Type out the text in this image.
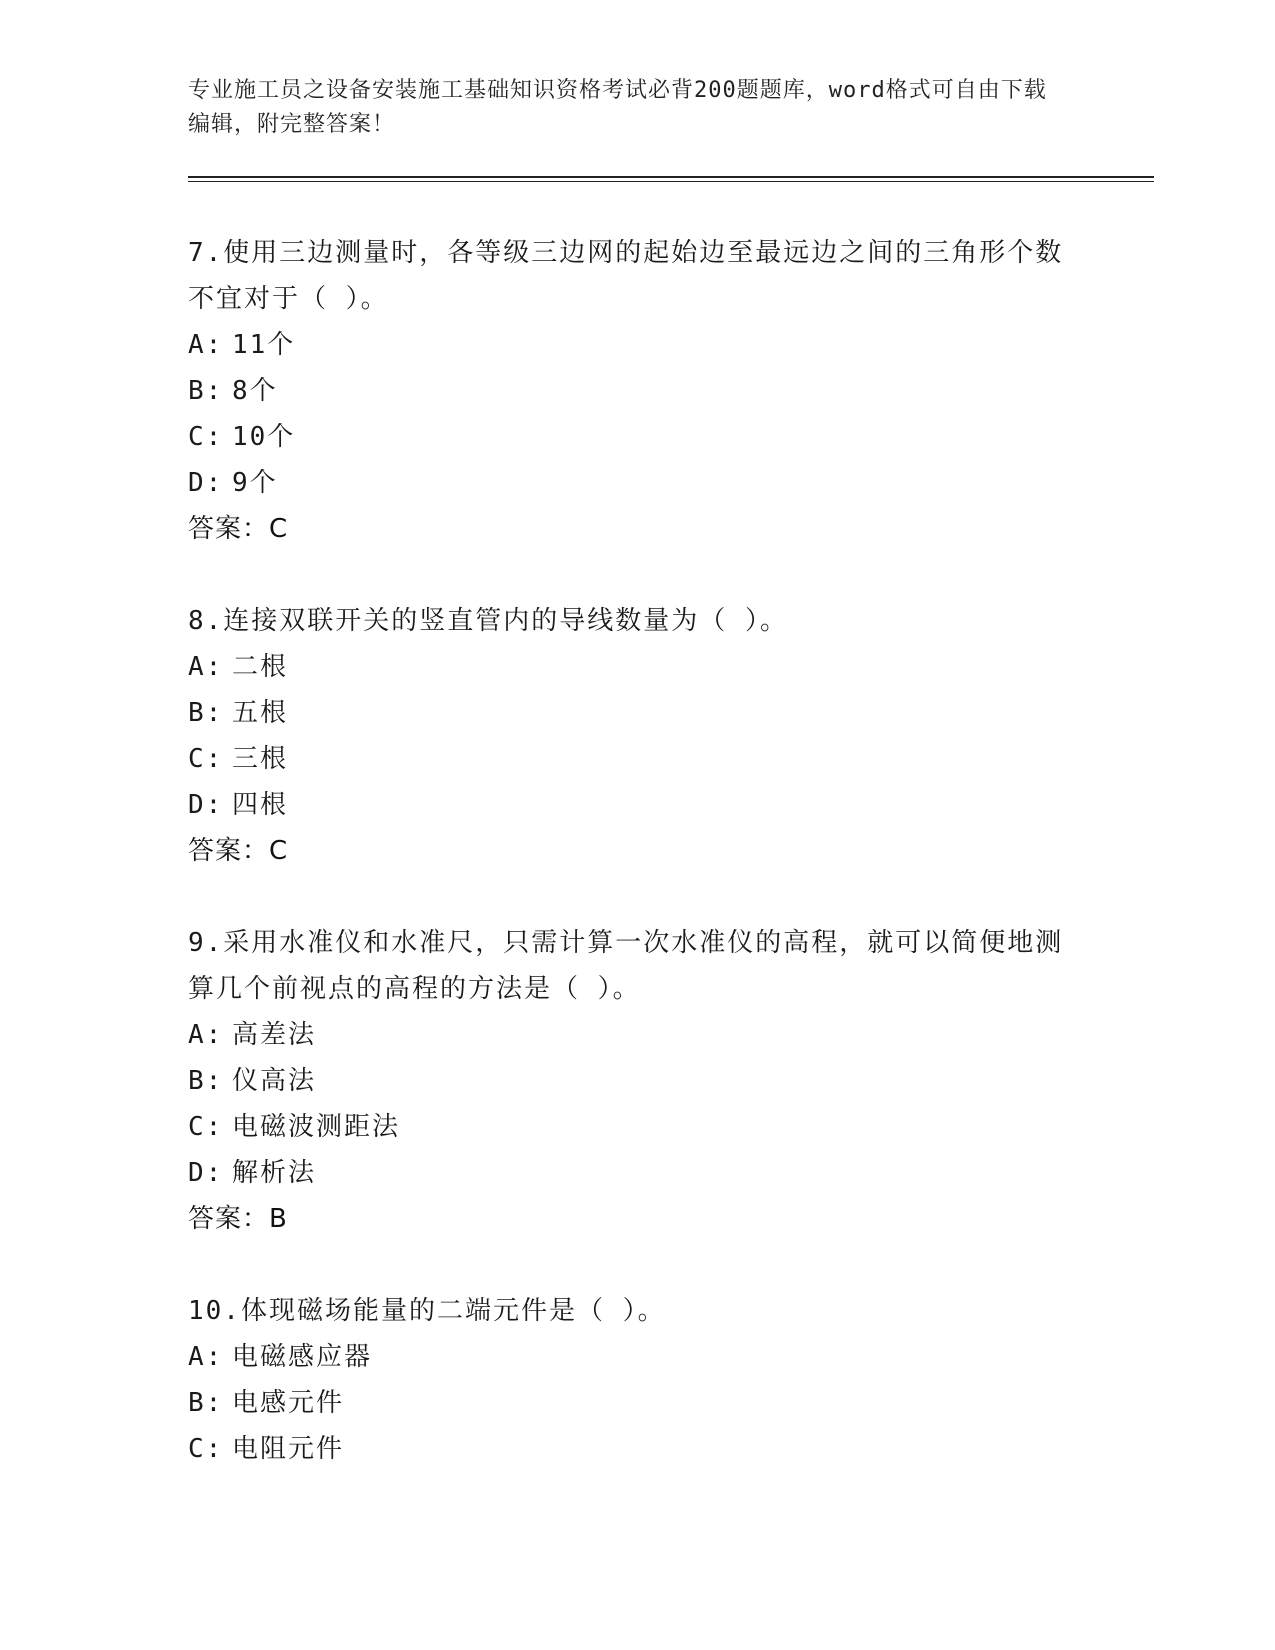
专业施工员之设备安装施工基础知识资格考试必背200题题库，word格式可自由下载编辑，附完整答案！

7.使用三边测量时，各等级三边网的起始边至最远边之间的三角形个数不宜对于（ ）。

A: 11个

B: 8个

C: 10个

D: 9个

答案：C

8.连接双联开关的竖直管内的导线数量为（ ）。

A: 二根

B: 五根

C: 三根

D: 四根

答案：C

9.采用水准仪和水准尺，只需计算一次水准仪的高程，就可以简便地测算几个前视点的高程的方法是（ ）。

A: 高差法

B: 仪高法

C: 电磁波测距法

D: 解析法

答案：B

10.体现磁场能量的二端元件是（ ）。

A: 电磁感应器

B: 电感元件

C: 电阻元件
